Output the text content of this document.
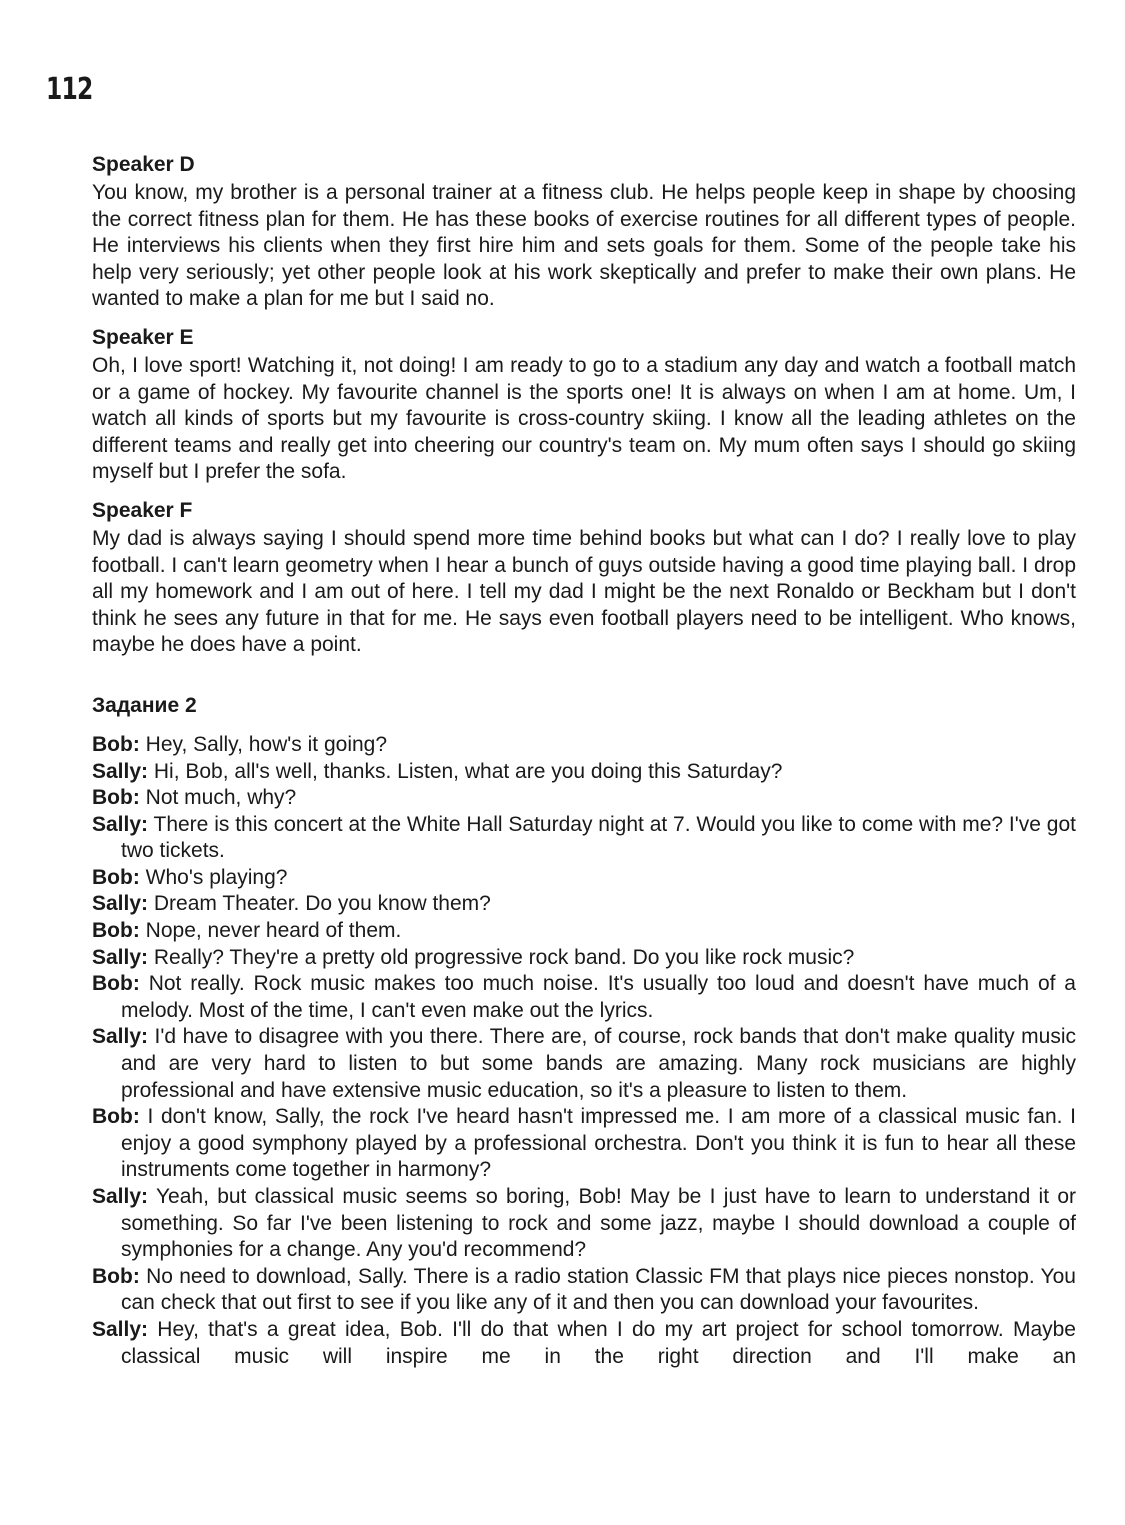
112

Speaker D

You know, my brother is a personal trainer at a fitness club. He helps people keep in shape by choosing the correct fitness plan for them. He has these books of exercise routines for all different types of people. He interviews his clients when they first hire him and sets goals for them. Some of the people take his help very seriously; yet other people look at his work skeptically and prefer to make their own plans. He wanted to make a plan for me but I said no.

Speaker E

Oh, I love sport! Watching it, not doing! I am ready to go to a stadium any day and watch a football match or a game of hockey. My favourite channel is the sports one! It is always on when I am at home. Um, I watch all kinds of sports but my favourite is cross-country skiing. I know all the leading athletes on the different teams and really get into cheering our country's team on. My mum often says I should go skiing myself but I prefer the sofa.

Speaker F

My dad is always saying I should spend more time behind books but what can I do? I really love to play football. I can't learn geometry when I hear a bunch of guys outside having a good time playing ball. I drop all my homework and I am out of here. I tell my dad I might be the next Ronaldo or Beckham but I don't think he sees any future in that for me. He says even football players need to be intelligent. Who knows, maybe he does have a point.

Задание 2

Bob: Hey, Sally, how's it going?

Sally: Hi, Bob, all's well, thanks. Listen, what are you doing this Saturday?

Bob: Not much, why?

Sally: There is this concert at the White Hall Saturday night at 7. Would you like to come with me? I've got two tickets.

Bob: Who's playing?

Sally: Dream Theater. Do you know them?

Bob: Nope, never heard of them.

Sally: Really? They're a pretty old progressive rock band. Do you like rock music?

Bob: Not really. Rock music makes too much noise. It's usually too loud and doesn't have much of a melody. Most of the time, I can't even make out the lyrics.

Sally: I'd have to disagree with you there. There are, of course, rock bands that don't make quality music and are very hard to listen to but some bands are amazing. Many rock musicians are highly professional and have extensive music education, so it's a pleasure to listen to them.

Bob: I don't know, Sally, the rock I've heard hasn't impressed me. I am more of a classical music fan. I enjoy a good symphony played by a professional orchestra. Don't you think it is fun to hear all these instruments come together in harmony?

Sally: Yeah, but classical music seems so boring, Bob! May be I just have to learn to understand it or something. So far I've been listening to rock and some jazz, maybe I should download a couple of symphonies for a change. Any you'd recommend?

Bob: No need to download, Sally. There is a radio station Classic FM that plays nice pieces nonstop. You can check that out first to see if you like any of it and then you can download your favourites.

Sally: Hey, that's a great idea, Bob. I'll do that when I do my art project for school tomorrow. Maybe classical music will inspire me in the right direction and I'll make an
